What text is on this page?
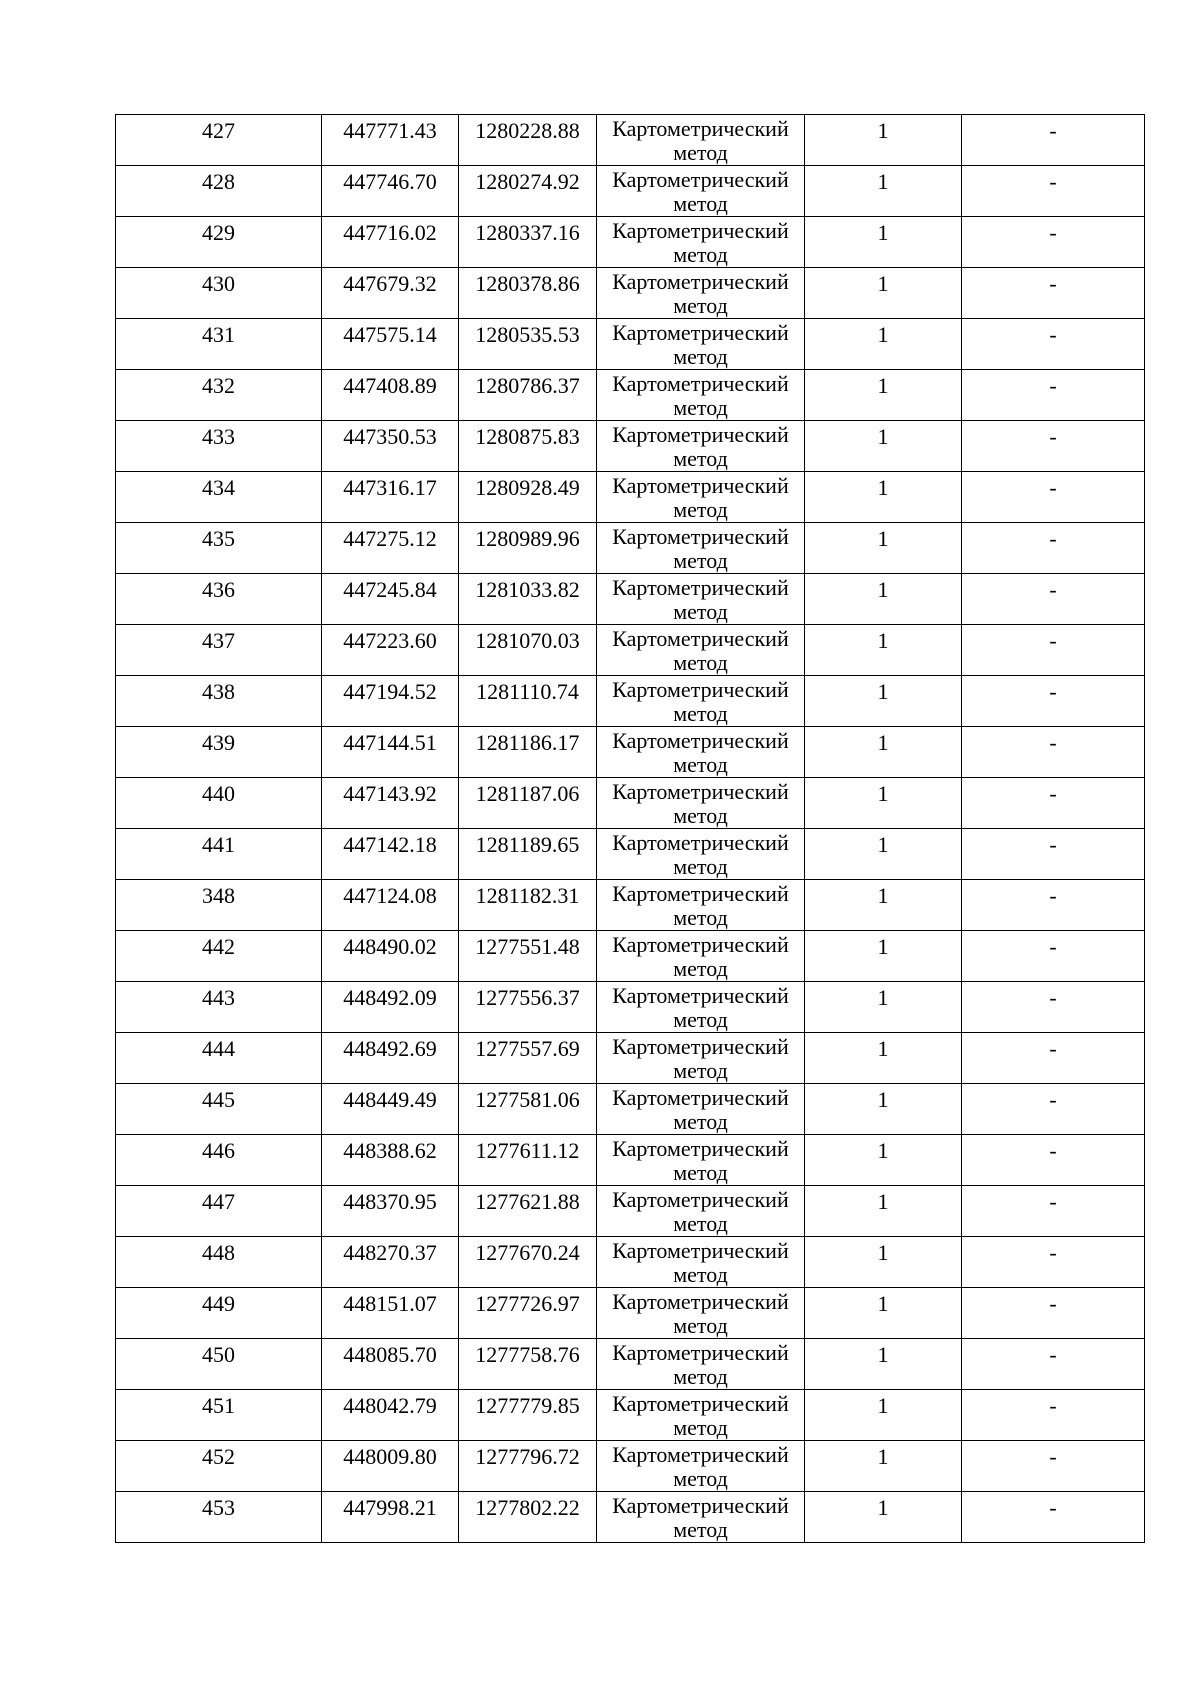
427	447771.43	1280228.88	Картометрический метод	1	-

428	447746.70	1280274.92	Картометрический метод	1	-

429	447716.02	1280337.16	Картометрический метод	1	-

430	447679.32	1280378.86	Картометрический метод	1	-

431	447575.14	1280535.53	Картометрический метод	1	-

432	447408.89	1280786.37	Картометрический метод	1	-

433	447350.53	1280875.83	Картометрический метод	1	-

434	447316.17	1280928.49	Картометрический метод	1	-

435	447275.12	1280989.96	Картометрический метод	1	-

436	447245.84	1281033.82	Картометрический метод	1	-

437	447223.60	1281070.03	Картометрический метод	1	-

438	447194.52	1281110.74	Картометрический метод	1	-

439	447144.51	1281186.17	Картометрический метод	1	-

440	447143.92	1281187.06	Картометрический метод	1	-

441	447142.18	1281189.65	Картометрический метод	1	-

348	447124.08	1281182.31	Картометрический метод	1	-

442	448490.02	1277551.48	Картометрический метод	1	-

443	448492.09	1277556.37	Картометрический метод	1	-

444	448492.69	1277557.69	Картометрический метод	1	-

445	448449.49	1277581.06	Картометрический метод	1	-

446	448388.62	1277611.12	Картометрический метод	1	-

447	448370.95	1277621.88	Картометрический метод	1	-

448	448270.37	1277670.24	Картометрический метод	1	-

449	448151.07	1277726.97	Картометрический метод	1	-

450	448085.70	1277758.76	Картометрический метод	1	-

451	448042.79	1277779.85	Картометрический метод	1	-

452	448009.80	1277796.72	Картометрический метод	1	-

453	447998.21	1277802.22	Картометрический метод	1	-
